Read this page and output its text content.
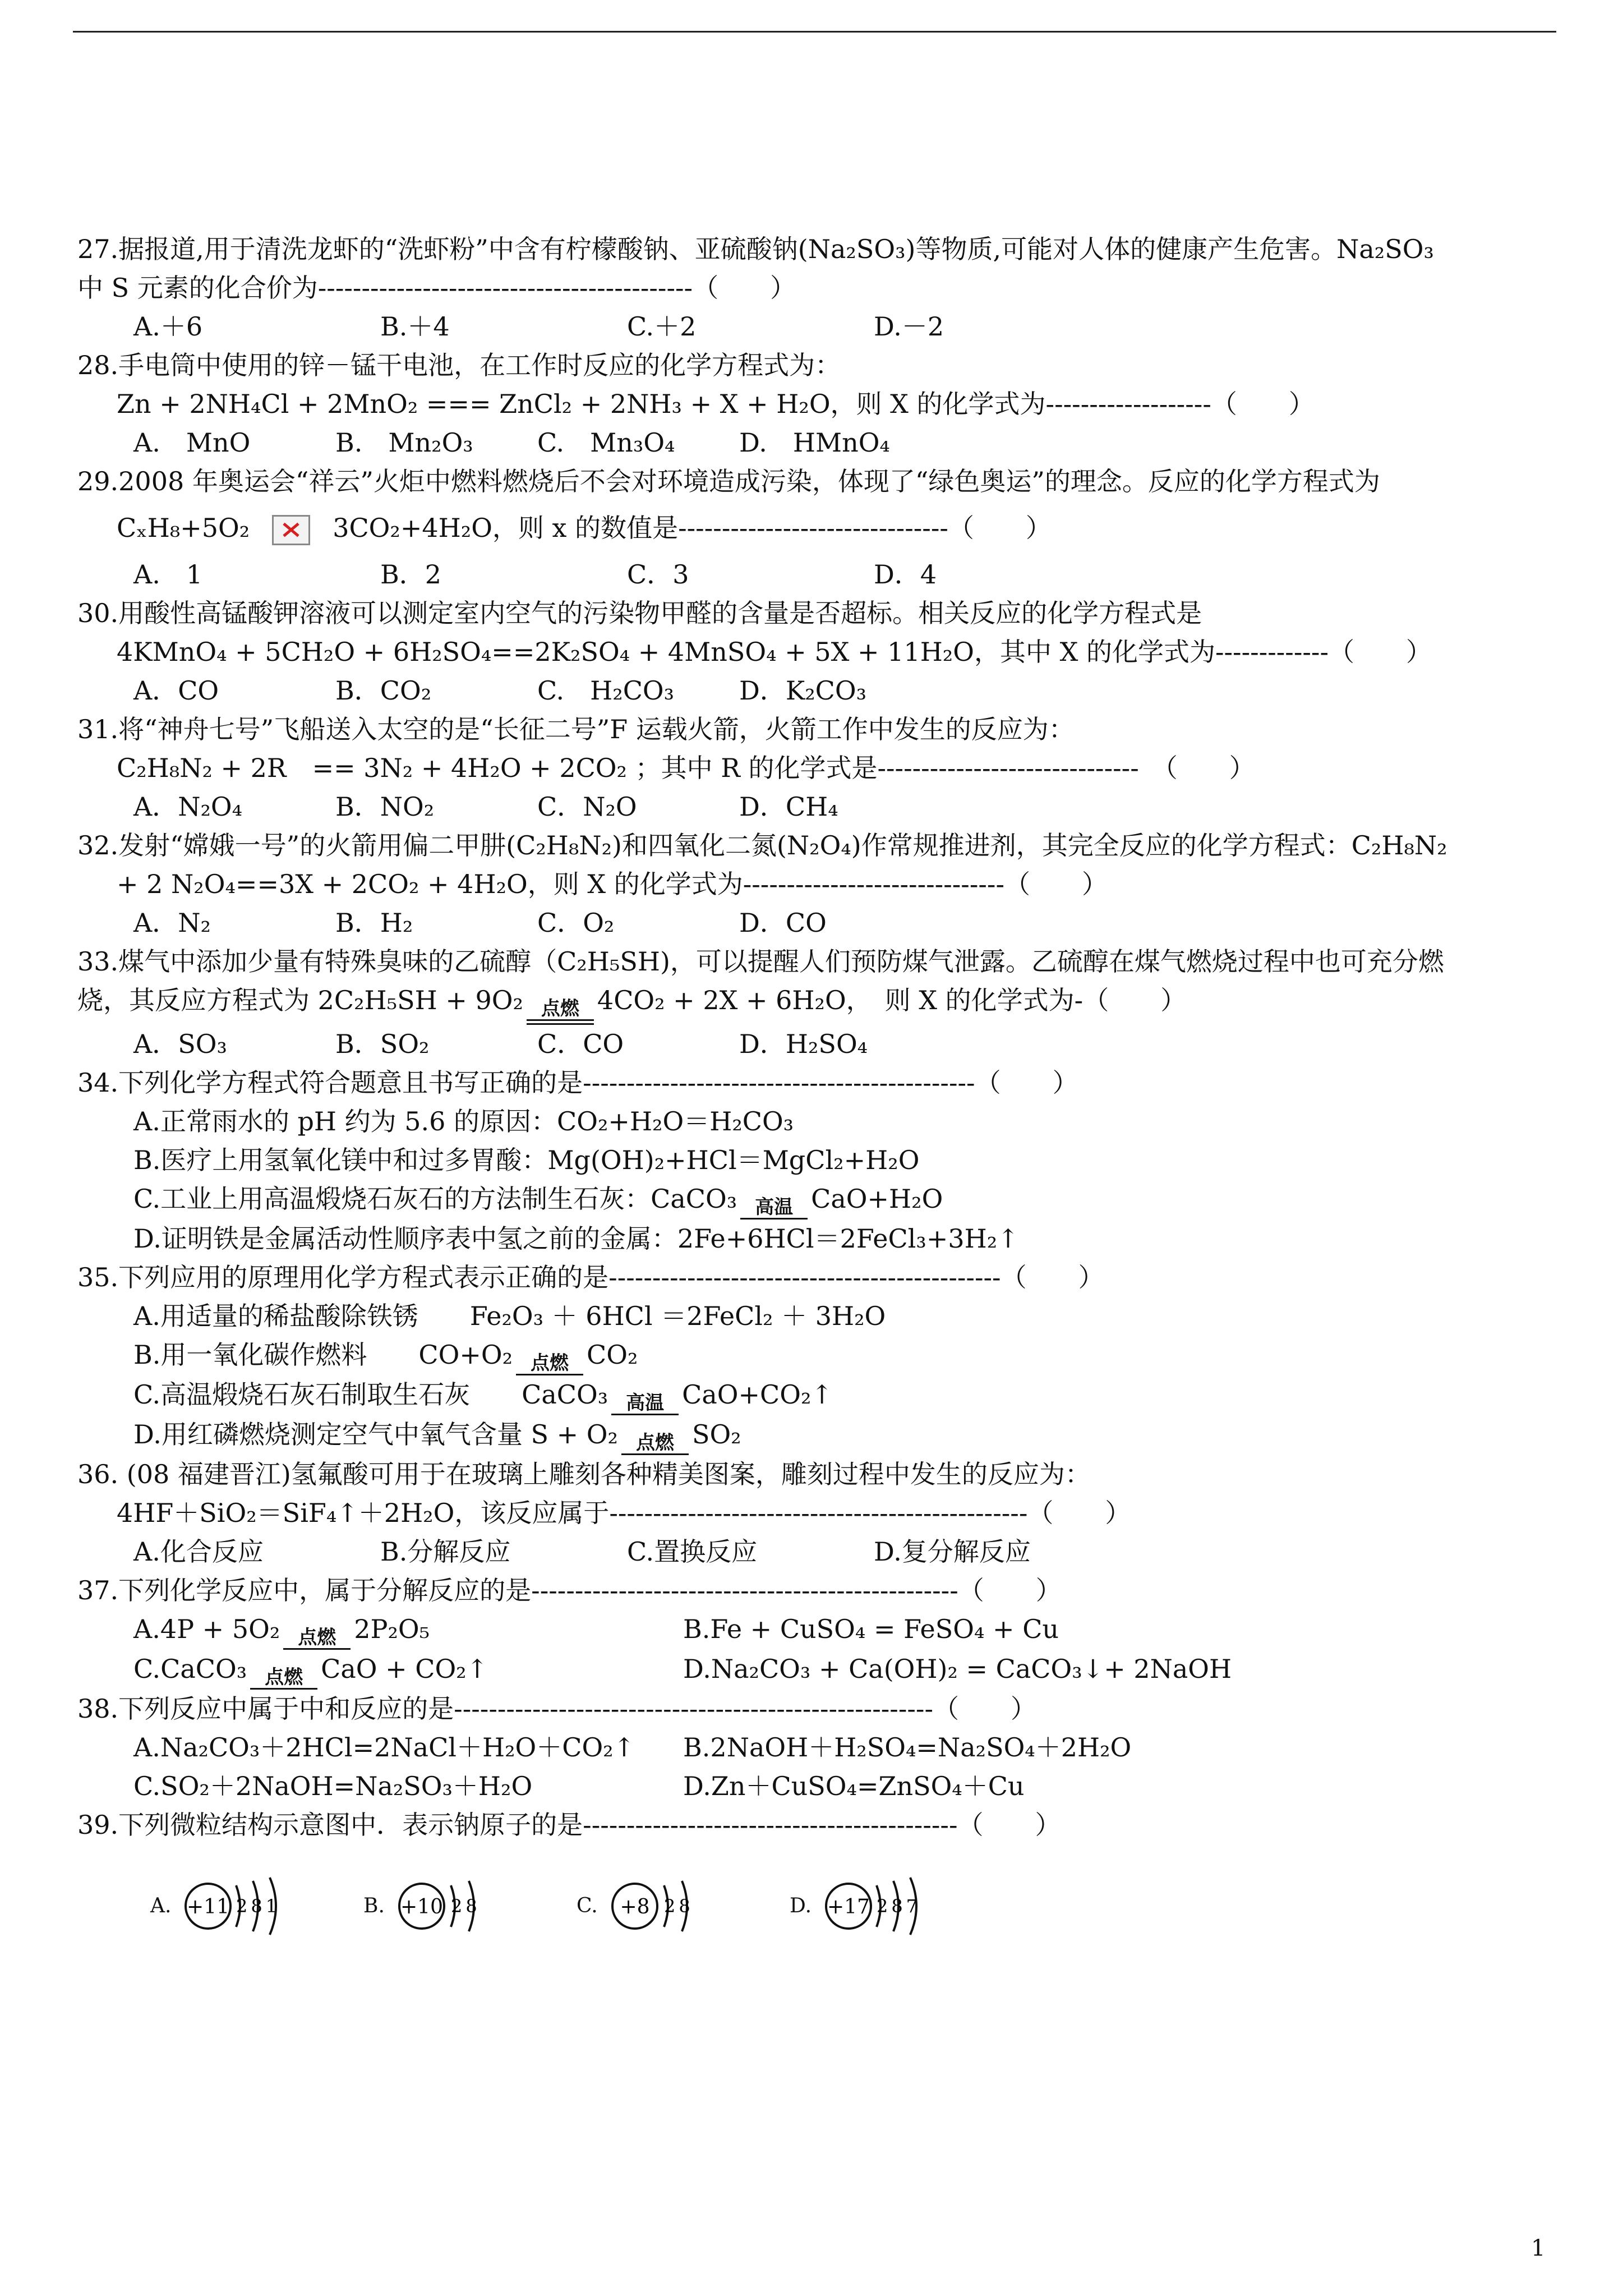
27.据报道,用于清洗龙虾的“洗虾粉”中含有柠檬酸钠、亚硫酸钠(Na₂SO₃)等物质,可能对人体的健康产生危害。Na₂SO₃

中 S 元素的化合价为-------------------------------------------（　　）

A.＋6	B.＋4	C.＋2	D.－2

28.手电筒中使用的锌－锰干电池，在工作时反应的化学方程式为：

Zn + 2NH₄Cl + 2MnO₂ === ZnCl₂ + 2NH₃ + X + H₂O，则 X 的化学式为-------------------（　　）

A.　MnO	B.　Mn₂O₃	C.　Mn₃O₄	D.　HMnO₄

29.2008 年奥运会“祥云”火炬中燃料燃烧后不会对环境造成污染，体现了“绿色奥运”的理念。反应的化学方程式为

CₓH₈+5O₂	3CO₂+4H₂O，则 x 的数值是-------------------------------（　　）

A.　1	B．2	C．3	D．4

30.用酸性高锰酸钾溶液可以测定室内空气的污染物甲醛的含量是否超标。相关反应的化学方程式是

4KMnO₄ + 5CH₂O + 6H₂SO₄==2K₂SO₄ + 4MnSO₄ + 5X + 11H₂O，其中 X 的化学式为-------------（　　）

A．CO	B．CO₂	C.　H₂CO₃	D．K₂CO₃

31.将“神舟七号”飞船送入太空的是“长征二号”F 运载火箭，火箭工作中发生的反应为：

C₂H₈N₂ + 2R　== 3N₂ + 4H₂O + 2CO₂ ；其中 R 的化学式是------------------------------　（　　）

A．N₂O₄	B．NO₂	C．N₂O	D．CH₄

32.发射“嫦娥一号”的火箭用偏二甲肼(C₂H₈N₂)和四氧化二氮(N₂O₄)作常规推进剂，其完全反应的化学方程式：C₂H₈N₂

+ 2 N₂O₄==3X + 2CO₂ + 4H₂O，则 X 的化学式为------------------------------（　　）

A．N₂	B．H₂	C．O₂	D．CO

33.煤气中添加少量有特殊臭味的乙硫醇（C₂H₅SH)，可以提醒人们预防煤气泄露。乙硫醇在煤气燃烧过程中也可充分燃

烧，其反应方程式为 2C₂H₅SH + 9O₂ 点燃 4CO₂ + 2X + 6H₂O，　则 X 的化学式为-（　　）

A．SO₃	B．SO₂	C．CO	D．H₂SO₄

34.下列化学方程式符合题意且书写正确的是---------------------------------------------（　　）

A.正常雨水的 pH 约为 5.6 的原因：CO₂+H₂O＝H₂CO₃

B.医疗上用氢氧化镁中和过多胃酸：Mg(OH)₂+HCl＝MgCl₂+H₂O

C.工业上用高温煅烧石灰石的方法制生石灰：CaCO₃ 高温 CaO+H₂O

D.证明铁是金属活动性顺序表中氢之前的金属：2Fe+6HCl＝2FeCl₃+3H₂↑

35.下列应用的原理用化学方程式表示正确的是---------------------------------------------（　　）

A.用适量的稀盐酸除铁锈　　Fe₂O₃ ＋ 6HCl ＝2FeCl₂ ＋ 3H₂O

B.用一氧化碳作燃料　　CO+O₂ 点燃 CO₂

C.高温煅烧石灰石制取生石灰　　CaCO₃ 高温 CaO+CO₂↑

D.用红磷燃烧测定空气中氧气含量 S + O₂ 点燃 SO₂

36. (08 福建晋江)氢氟酸可用于在玻璃上雕刻各种精美图案，雕刻过程中发生的反应为：

4HF＋SiO₂＝SiF₄↑＋2H₂O，该反应属于------------------------------------------------（　　）

A.化合反应	B.分解反应	C.置换反应	D.复分解反应

37.下列化学反应中，属于分解反应的是-------------------------------------------------（　　）

A.4P + 5O₂ 点燃 2P₂O₅	B.Fe + CuSO₄ = FeSO₄ + Cu
C.CaCO₃ 点燃 CaO + CO₂↑	D.Na₂CO₃ + Ca(OH)₂ = CaCO₃↓+ 2NaOH

38.下列反应中属于中和反应的是-------------------------------------------------------（　　）

A.Na₂CO₃＋2HCl=2NaCl＋H₂O＋CO₂↑	B.2NaOH＋H₂SO₄=Na₂SO₄＋2H₂O
C.SO₂＋2NaOH=Na₂SO₃＋H₂O	D.Zn＋CuSO₄=ZnSO₄＋Cu

39.下列微粒结构示意图中．表示钠原子的是-------------------------------------------（　　）

A. +11 281	B. +10 28	C. +8 28	D. +17 287
1
